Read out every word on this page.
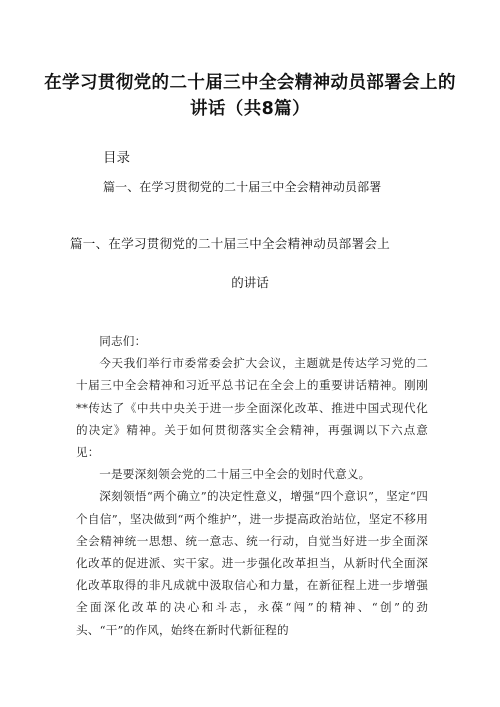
在学习贯彻党的二十届三中全会精神动员部署会上的讲话（共8篇）
目录
篇一、在学习贯彻党的二十届三中全会精神动员部署
篇一、在学习贯彻党的二十届三中全会精神动员部署会上
的讲话

同志们：

今天我们举行市委常委会扩大会议，主题就是传达学习党的二十届三中全会精神和习近平总书记在全会上的重要讲话精神。刚刚**传达了《中共中央关于进一步全面深化改革、推进中国式现代化的决定》精神。关于如何贯彻落实全会精神，再强调以下六点意见：

一是要深刻领会党的二十届三中全会的划时代意义。

深刻领悟“两个确立”的决定性意义，增强“四个意识”，坚定“四个自信”，坚决做到“两个维护”，进一步提高政治站位，坚定不移用全会精神统一思想、统一意志、统一行动，自觉当好进一步全面深化改革的促进派、实干家。进一步强化改革担当，从新时代全面深化改革取得的非凡成就中汲取信心和力量，在新征程上进一步增强全面深化改革的决心和斗志，永葆“闯”的精神、“创”的劲头、“干”的作风，始终在新时代新征程的
